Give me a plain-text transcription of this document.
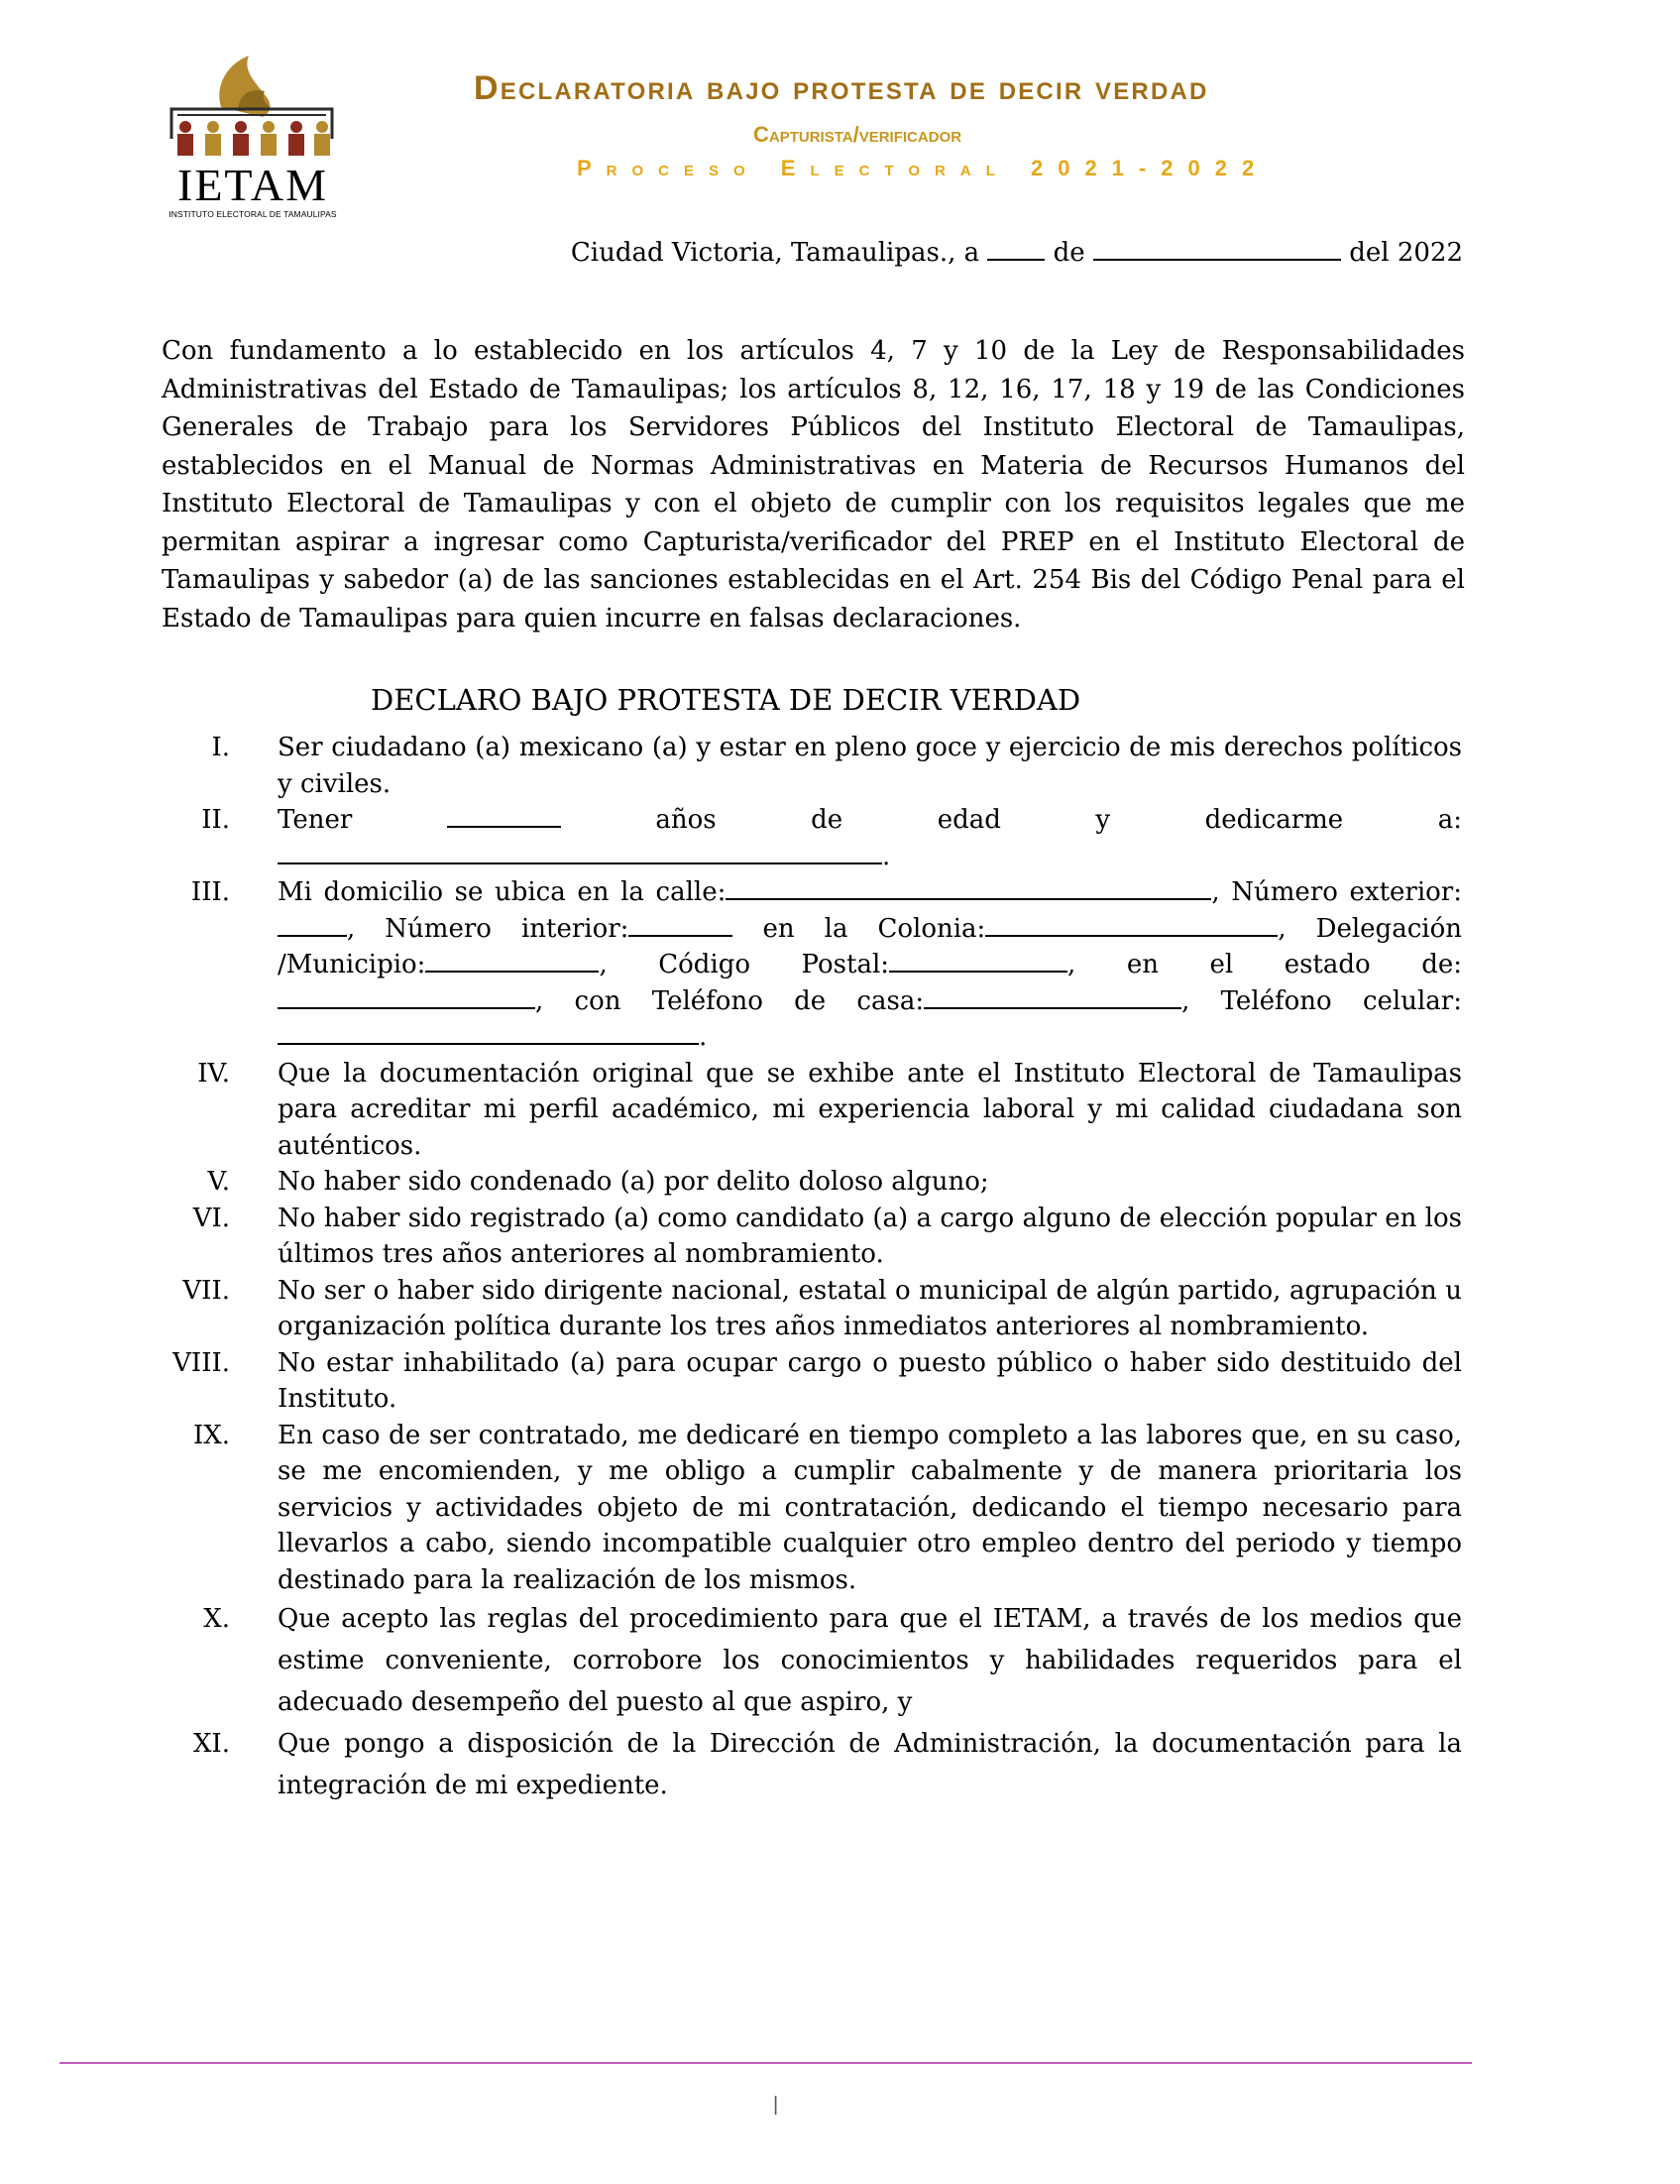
IETAM
INSTITUTO ELECTORAL DE TAMAULIPAS
Declaratoria bajo protesta de decir verdad
Capturista/verificador
Proceso Electoral 2021-2022
Ciudad Victoria, Tamaulipas., a	de	del 2022

Con fundamento a lo establecido en los artículos 4, 7 y 10 de la Ley de Responsabilidades Administrativas del Estado de Tamaulipas; los artículos 8, 12, 16, 17, 18 y 19 de las Condiciones Generales de Trabajo para los Servidores Públicos del Instituto Electoral de Tamaulipas, establecidos en el Manual de Normas Administrativas en Materia de Recursos Humanos del Instituto Electoral de Tamaulipas y con el objeto de cumplir con los requisitos legales que me permitan aspirar a ingresar como Capturista/verificador del PREP en el Instituto Electoral de Tamaulipas y sabedor (a) de las sanciones establecidas en el Art. 254 Bis del Código Penal para el Estado de Tamaulipas para quien incurre en falsas declaraciones.

DECLARO BAJO PROTESTA DE DECIR VERDAD
I. Ser ciudadano (a) mexicano (a) y estar en pleno goce y ejercicio de mis derechos políticos y civiles.
II. Tener	años	de	edad	y	dedicarme	a:
.
III. Mi domicilio se ubica en la calle:	, Número exterior:, Número interior:	en la Colonia:	, Delegación /Municipio:	, Código Postal:	, en el estado de: , con Teléfono de casa:	, Teléfono celular: .
IV. Que la documentación original que se exhibe ante el Instituto Electoral de Tamaulipas para acreditar mi perfil académico, mi experiencia laboral y mi calidad ciudadana son auténticos.
V. No haber sido condenado (a) por delito doloso alguno;
VI. No haber sido registrado (a) como candidato (a) a cargo alguno de elección popular en los últimos tres años anteriores al nombramiento.
VII. No ser o haber sido dirigente nacional, estatal o municipal de algún partido, agrupación u organización política durante los tres años inmediatos anteriores al nombramiento.
VIII. No estar inhabilitado (a) para ocupar cargo o puesto público o haber sido destituido del Instituto.
IX. En caso de ser contratado, me dedicaré en tiempo completo a las labores que, en su caso, se me encomienden, y me obligo a cumplir cabalmente y de manera prioritaria los servicios y actividades objeto de mi contratación, dedicando el tiempo necesario para llevarlos a cabo, siendo incompatible cualquier otro empleo dentro del periodo y tiempo destinado para la realización de los mismos.
X. Que acepto las reglas del procedimiento para que el IETAM, a través de los medios que estime conveniente, corrobore los conocimientos y habilidades requeridos para el adecuado desempeño del puesto al que aspiro, y
XI. Que pongo a disposición de la Dirección de Administración, la documentación para la integración de mi expediente.
|
